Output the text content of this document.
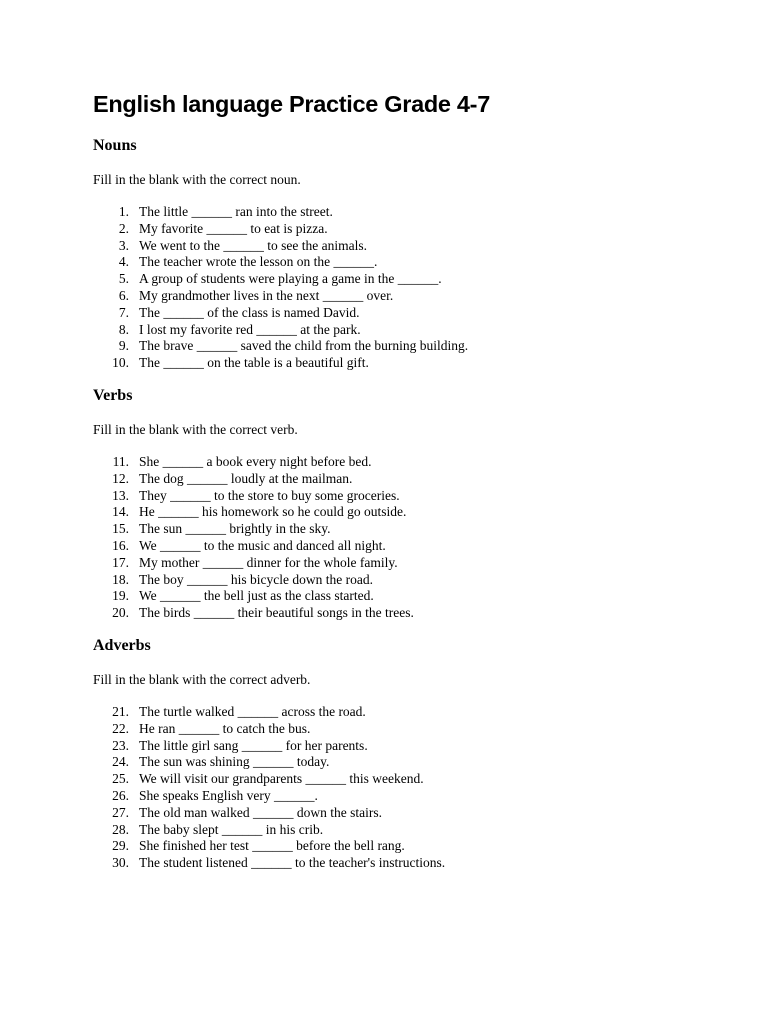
English language Practice Grade 4-7
Nouns

Fill in the blank with the correct noun.

1. The little ______ ran into the street.
2. My favorite ______ to eat is pizza.
3. We went to the ______ to see the animals.
4. The teacher wrote the lesson on the ______.
5. A group of students were playing a game in the ______.
6. My grandmother lives in the next ______ over.
7. The ______ of the class is named David.
8. I lost my favorite red ______ at the park.
9. The brave ______ saved the child from the burning building.
10. The ______ on the table is a beautiful gift.
Verbs

Fill in the blank with the correct verb.

11. She ______ a book every night before bed.
12. The dog ______ loudly at the mailman.
13. They ______ to the store to buy some groceries.
14. He ______ his homework so he could go outside.
15. The sun ______ brightly in the sky.
16. We ______ to the music and danced all night.
17. My mother ______ dinner for the whole family.
18. The boy ______ his bicycle down the road.
19. We ______ the bell just as the class started.
20. The birds ______ their beautiful songs in the trees.
Adverbs

Fill in the blank with the correct adverb.

21. The turtle walked ______ across the road.
22. He ran ______ to catch the bus.
23. The little girl sang ______ for her parents.
24. The sun was shining ______ today.
25. We will visit our grandparents ______ this weekend.
26. She speaks English very ______.
27. The old man walked ______ down the stairs.
28. The baby slept ______ in his crib.
29. She finished her test ______ before the bell rang.
30. The student listened ______ to the teacher's instructions.
